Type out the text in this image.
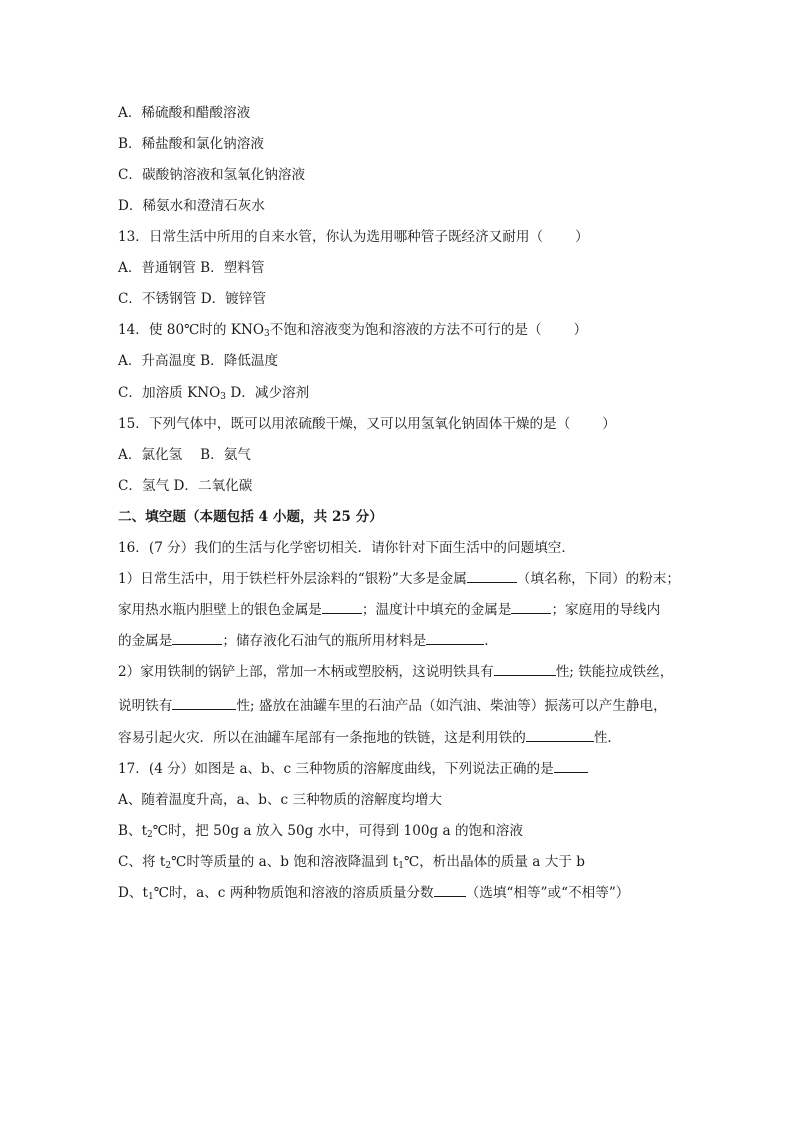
A．稀硫酸和醋酸溶液
B．稀盐酸和氯化钠溶液
C．碳酸钠溶液和氢氧化钠溶液
D．稀氨水和澄清石灰水
13．日常生活中所用的自来水管，你认为选用哪种管子既经济又耐用（ ）
A．普通钢管 B．塑料管
C．不锈钢管 D．镀锌管
14．使 80℃时的 $KNO_3$不饱和溶液变为饱和溶液的方法不可行的是（ ）
A．升高温度 B．降低温度
C．加溶质 $KNO_3$ D．减少溶剂
15．下列气体中，既可以用浓硫酸干燥，又可以用氢氧化钠固体干燥的是（ ）
A．氯化氢　 B．氨气
C．氢气 D．二氧化碳
二、填空题（本题包括 4 小题，共 25 分）
16．(7 分）我们的生活与化学密切相关．请你针对下面生活中的问题填空．
1）日常生活中，用于铁栏杆外层涂料的“银粉”大多是金属	（填名称，下同）的粉末；
家用热水瓶内胆壁上的银色金属是	；温度计中填充的金属是	；家庭用的导线内
的金属是	；储存液化石油气的瓶所用材料是	．
2）家用铁制的锅铲上部，常加一木柄或塑胶柄，这说明铁具有	性; 铁能拉成铁丝，
说明铁有	性; 盛放在油罐车里的石油产品（如汽油、柴油等）振荡可以产生静电，
容易引起火灾．所以在油罐车尾部有一条拖地的铁链，这是利用铁的	性．
17．(4 分）如图是 a、b、c 三种物质的溶解度曲线，下列说法正确的是
A、随着温度升高，a、b、c 三种物质的溶解度均增大
B、$t_2℃$时，把 50g a 放入 50g 水中，可得到 100g a 的饱和溶液
C、将 $t_2℃$时等质量的 a、b 饱和溶液降温到 $t_1℃$，析出晶体的质量 a 大于 b
D、$t_1℃$时，a、c 两种物质饱和溶液的溶质质量分数 （选填“相等”或“不相等”）
